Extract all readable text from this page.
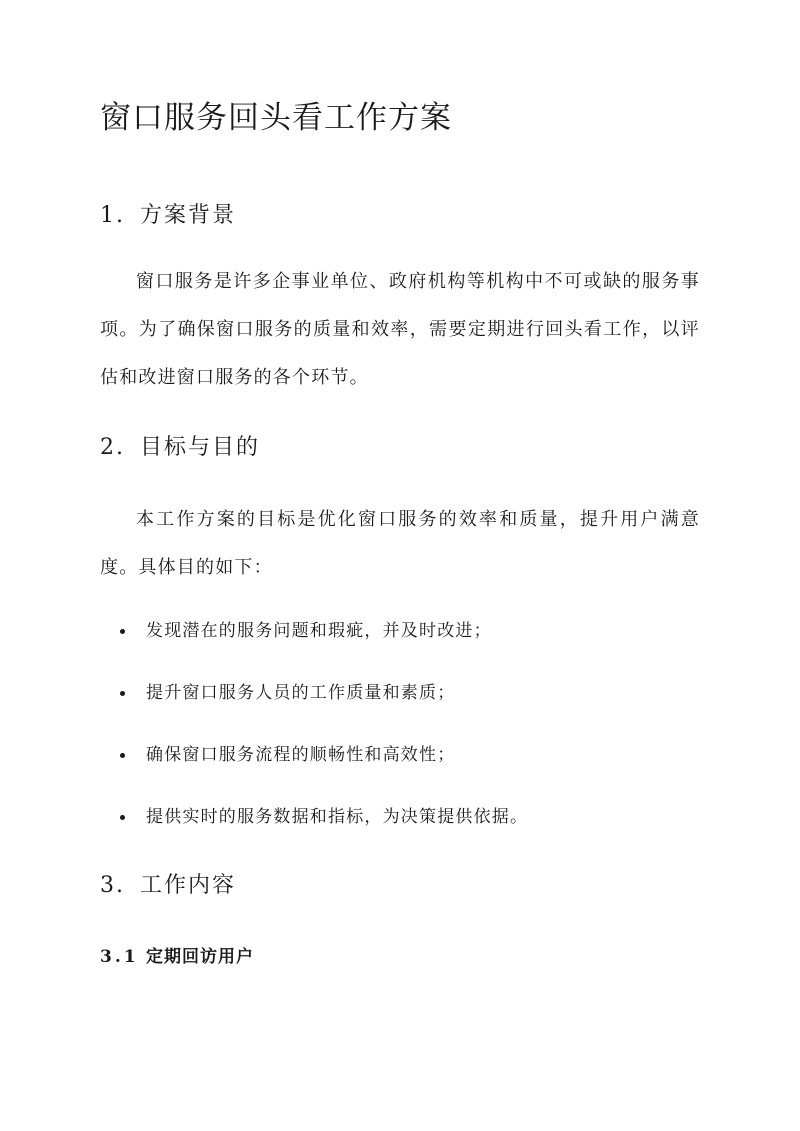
窗口服务回头看工作方案
1. 方案背景

窗口服务是许多企事业单位、政府机构等机构中不可或缺的服务事项。为了确保窗口服务的质量和效率，需要定期进行回头看工作，以评估和改进窗口服务的各个环节。

2. 目标与目的

本工作方案的目标是优化窗口服务的效率和质量，提升用户满意度。具体目的如下：

发现潜在的服务问题和瑕疵，并及时改进；
提升窗口服务人员的工作质量和素质；
确保窗口服务流程的顺畅性和高效性；
提供实时的服务数据和指标，为决策提供依据。
3. 工作内容
3.1 定期回访用户
